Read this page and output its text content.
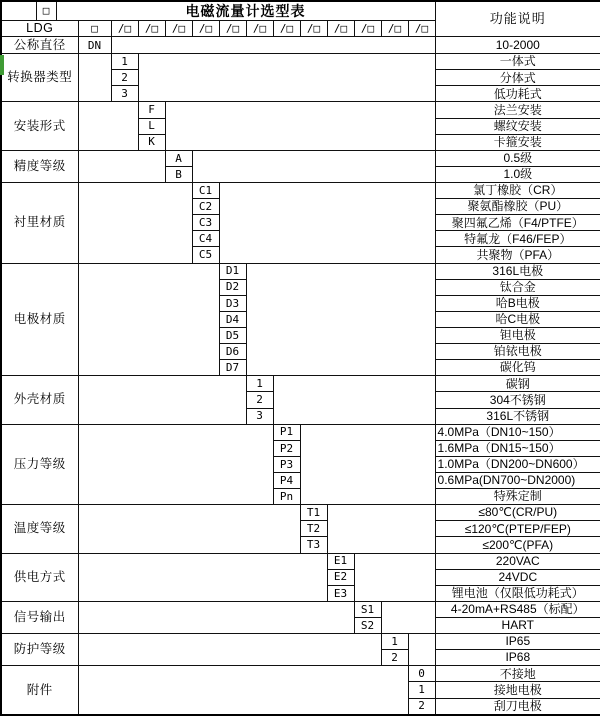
	□	电磁流量计选型表														功能说明
LDG			□	/□	/□	/□	/□	/□	/□	/□	/□	/□	/□	/□	/□	
公称直径			DN													10-2000
转换器类型				1												一体式
				2												分体式
				3												低功耗式
安装形式					F											法兰安装
					L											螺纹安装
					K											卡箍安装
精度等级						A										0.5级
						B										1.0级
衬里材质							C1									氯丁橡胶（CR）
							C2									聚氨酯橡胶（PU）
							C3									聚四氟乙烯（F4/PTFE）
							C4									特氟龙（F46/FEP）
							C5									共聚物（PFA）
电极材质								D1								316L电极
								D2								钛合金
								D3								哈B电极
								D4								哈C电极
								D5								钽电极
								D6								铂铱电极
								D7								碳化钨
外壳材质									1							碳钢
									2							304不锈钢
									3							316L不锈钢
压力等级										P1						4.0MPa（DN10~150）
										P2						1.6MPa（DN15~150）
										P3						1.0MPa（DN200~DN600）
										P4						0.6MPa(DN700~DN2000)
										Pn						特殊定制
温度等级											T1					≤80℃(CR/PU)
											T2					≤120℃(PTEP/FEP)
											T3					≤200℃(PFA)
供电方式												E1				220VAC
												E2				24VDC
												E3				锂电池（仅限低功耗式）
信号输出													S1			4-20mA+RS485（标配）
													S2			HART
防护等级														1		IP65
														2		IP68
附件															0	不接地
															1	接地电极
															2	刮刀电极
